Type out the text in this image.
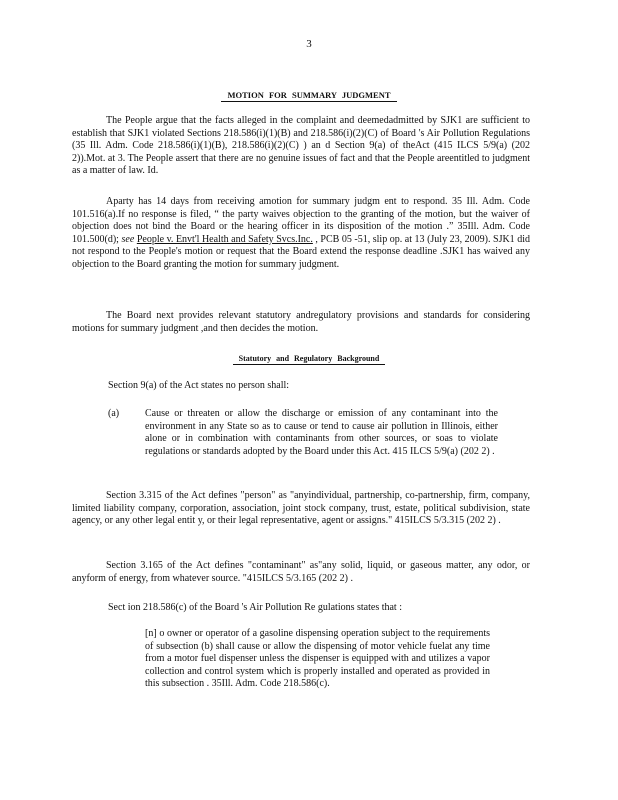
3
MOTION FOR SUMMARY JUDGMENT

The People argue that the facts alleged in the complaint and deemedadmitted by SJK1 are sufficient to establish that SJK1 violated Sections 218.586(i)(1)(B) and 218.586(i)(2)(C) of Board 's Air Pollution Regulations (35 Ill. Adm. Code 218.586(i)(1)(B), 218.586(i)(2)(C) ) an d Section 9(a) of theAct (415 ILCS 5/9(a) (202 2)).Mot. at 3. The People assert that there are no genuine issues of fact and that the People areentitled to judgment as a matter of law. Id.

Aparty has 14 days from receiving amotion for summary judgm ent to respond. 35 Ill. Adm. Code 101.516(a).If no response is filed, “ the party waives objection to the granting of the motion, but the waiver of objection does not bind the Board or the hearing officer in its disposition of the motion .” 35Ill. Adm. Code 101.500(d); see People v. Envt'l Health and Safety Svcs.Inc. , PCB 05 -51, slip op. at 13 (July 23, 2009). SJK1 did not respond to the People's motion or request that the Board extend the response deadline .SJK1 has waived any objection to the Board granting the motion for summary judgment.

The Board next provides relevant statutory andregulatory provisions and standards for considering motions for summary judgment ,and then decides the motion.

Statutory and Regulatory Background

Section 9(a) of the Act states no person shall:

(a)	Cause or threaten or allow the discharge or emission of any contaminant into the environment in any State so as to cause or tend to cause air pollution in Illinois, either alone or in combination with contaminants from other sources, or soas to violate regulations or standards adopted by the Board under this Act. 415 ILCS 5/9(a) (202 2) .

Section 3.315 of the Act defines "person" as "anyindividual, partnership, co-partnership, firm, company, limited liability company, corporation, association, joint stock company, trust, estate, political subdivision, state agency, or any other legal entit y, or their legal representative, agent or assigns." 415ILCS 5/3.315 (202 2) .

Section 3.165 of the Act defines "contaminant" as"any solid, liquid, or gaseous matter, any odor, or anyform of energy, from whatever source. "415ILCS 5/3.165 (202 2) .

Sect ion 218.586(c) of the Board 's Air Pollution Re gulations states that :

[n] o owner or operator of a gasoline dispensing operation subject to the requirements of subsection (b) shall cause or allow the dispensing of motor vehicle fuelat any time from a motor fuel dispenser unless the dispenser is equipped with and utilizes a vapor collection and control system which is properly installed and operated as provided in this subsection . 35Ill. Adm. Code 218.586(c).
